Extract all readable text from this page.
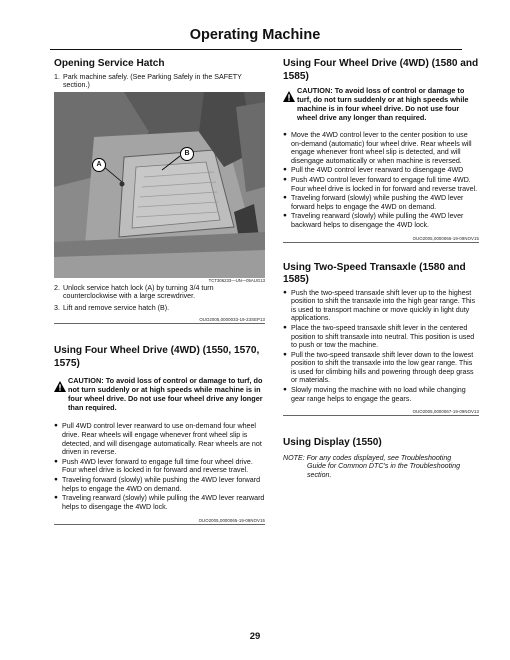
Operating Machine
Opening Service Hatch
1. Park machine safely. (See Parking Safely in the SAFETY section.)
A
B
TCT306233—UN—05AUG13
2. Unlock service hatch lock (A) by turning 3/4 turn counterclockwise with a large screwdriver.
3. Lift and remove service hatch (B).
OUO2005,0000033-19-23SEP13
Using Four Wheel Drive (4WD) (1550, 1570, 1575)
CAUTION: To avoid loss of control or damage to turf, do not turn suddenly or at high speeds while machine is in four wheel drive. Do not use four wheel drive any longer than required.
● Pull 4WD control lever rearward to use on-demand four wheel drive. Rear wheels will engage whenever front wheel slip is detected, and will disengage automatically. Rear wheels are not driven in reverse.
● Push 4WD lever forward to engage full time four wheel drive. Four wheel drive is locked in for forward and reverse travel.
● Traveling forward (slowly) while pushing the 4WD lever forward helps to engage the 4WD on demand.
● Traveling rearward (slowly) while pulling the 4WD lever rearward helps to disengage the 4WD lock.
OUO2005,0000065-19-09NOV15
Using Four Wheel Drive (4WD) (1580 and 1585)
CAUTION: To avoid loss of control or damage to turf, do not turn suddenly or at high speeds while machine is in four wheel drive. Do not use four wheel drive any longer than required.
● Move the 4WD control lever to the center position to use on-demand (automatic) four wheel drive. Rear wheels will engage whenever front wheel slip is detected, and will disengage automatically or when machine is reversed.
● Pull the 4WD control lever rearward to disengage 4WD
● Push 4WD control lever forward to engage full time 4WD. Four wheel drive is locked in for forward and reverse travel.
● Traveling forward (slowly) while pushing the 4WD lever forward helps to engage the 4WD on demand.
● Traveling rearward (slowly) while pulling the 4WD lever backward helps to disengage the 4WD lock.
OUO2005,0000066-19-09NOV15
Using Two-Speed Transaxle (1580 and 1585)
● Push the two-speed transaxle shift lever up to the highest position to shift the transaxle into the high gear range. This is used to transport machine or move quickly in light duty applications.
● Place the two-speed transaxle shift lever in the centered position to shift transaxle into neutral. This position is used to push or tow the machine.
● Pull the two-speed transaxle shift lever down to the lowest position to shift the transaxle into the low gear range. This is used for climbing hills and powering through deep grass or materials.
● Slowly moving the machine with no load while changing gear range helps to engage the gears.
OUO2005,0000067-19-09NOV13
Using Display (1550)
NOTE: For any codes displayed, see Troubleshooting
Guide for Common DTC's in the Troubleshooting
section.
29
